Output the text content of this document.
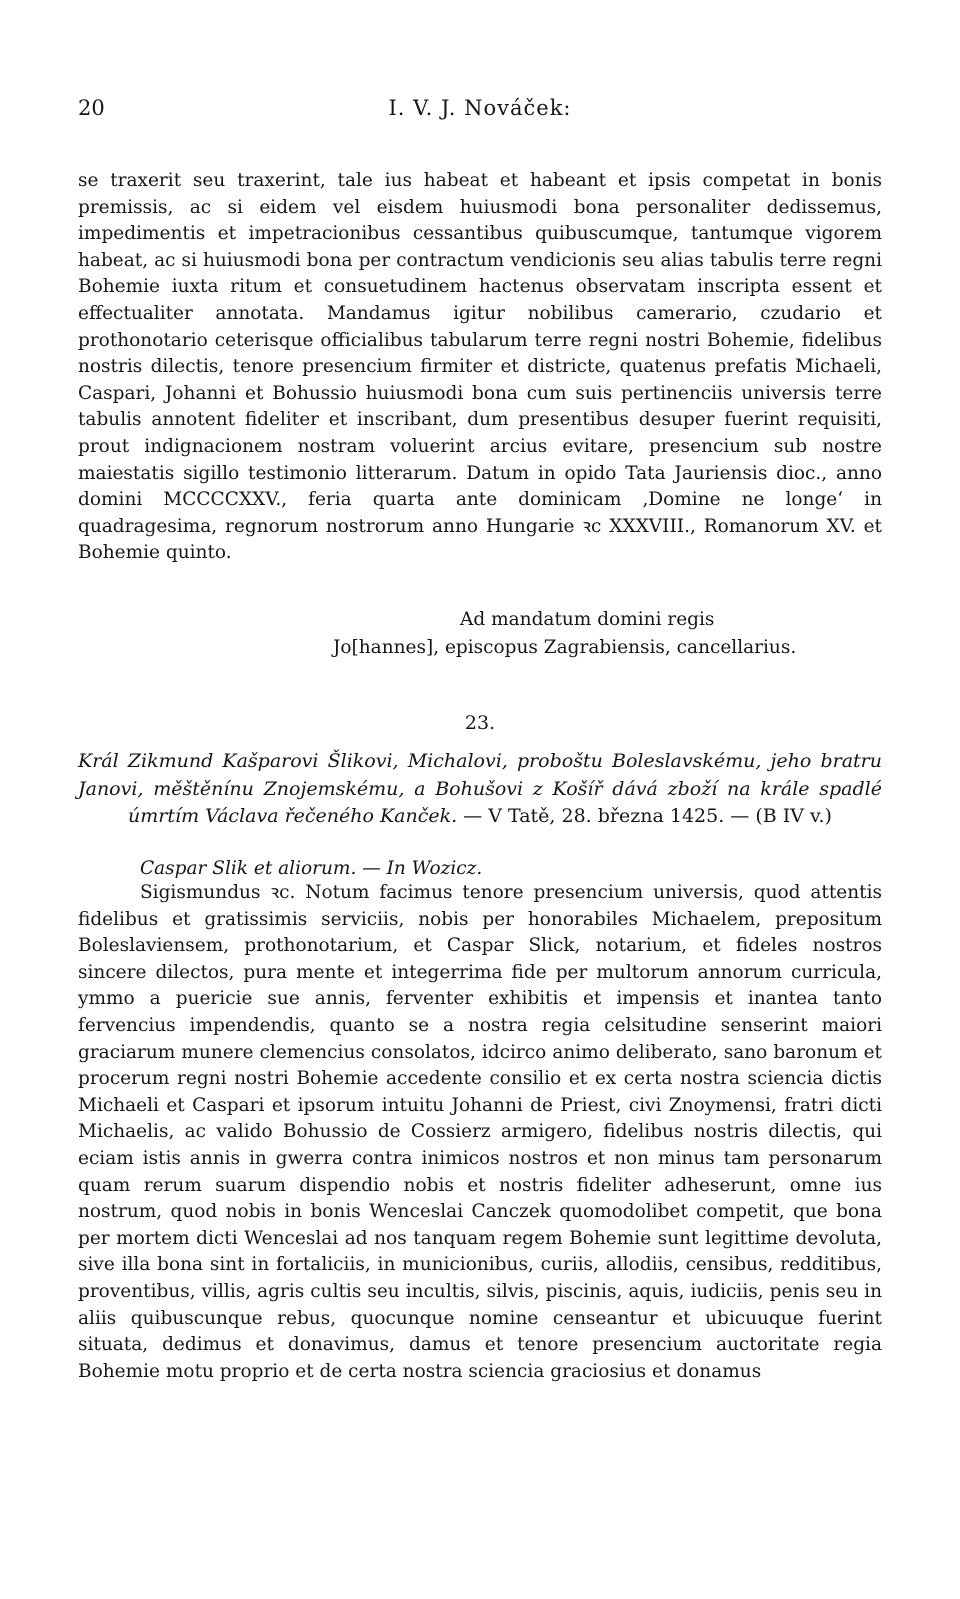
20	I. V. J. Nováček:

se traxerit seu traxerint, tale ius habeat et habeant et ipsis competat in bonis premissis, ac si eidem vel eisdem huiusmodi bona personaliter dedissemus, impedimentis et impetracionibus cessantibus quibuscumque, tantumque vigorem habeat, ac si huiusmodi bona per contractum vendicionis seu alias tabulis terre regni Bohemie iuxta ritum et consuetudinem hactenus observatam inscripta essent et effectualiter annotata. Mandamus igitur nobilibus camerario, czudario et prothonotario ceterisque officialibus tabularum terre regni nostri Bohemie, fidelibus nostris dilectis, tenore presencium firmiter et districte, quatenus prefatis Michaeli, Caspari, Johanni et Bohussio huiusmodi bona cum suis pertinenciis universis terre tabulis annotent fideliter et inscribant, dum presentibus desuper fuerint requisiti, prout indignacionem nostram voluerint arcius evitare, presencium sub nostre maiestatis sigillo testimonio litterarum. Datum in opido Tata Jauriensis dioc., anno domini MCCCCXXV., feria quarta ante dominicam ‚Domine ne longe‘ in quadragesima, regnorum nostrorum anno Hungarie ꝛc XXXVIII., Romanorum XV. et Bohemie quinto.

Ad mandatum domini regis
Jo[hannes], episcopus Zagrabiensis, cancellarius.
23.
Král Zikmund Kašparovi Šlikovi, Michalovi, proboštu Boleslavskému, jeho bratru Janovi, měštěnínu Znojemskému, a Bohušovi z Košíř dává zboží na krále spadlé úmrtím Václava řečeného Kanček. — V Tatě, 28. března 1425. — (B IV v.)
Caspar Slik et aliorum. — In Wozicz.

Sigismundus ꝛc. Notum facimus tenore presencium universis, quod attentis fidelibus et gratissimis serviciis, nobis per honorabiles Michaelem, prepositum Boleslaviensem, prothonotarium, et Caspar Slick, notarium, et fideles nostros sincere dilectos, pura mente et integerrima fide per multorum annorum curricula, ymmo a puericie sue annis, ferventer exhibitis et impensis et inantea tanto fervencius impendendis, quanto se a nostra regia celsitudine senserint maiori graciarum munere clemencius consolatos, idcirco animo deliberato, sano baronum et procerum regni nostri Bohemie accedente consilio et ex certa nostra sciencia dictis Michaeli et Caspari et ipsorum intuitu Johanni de Priest, civi Znoymensi, fratri dicti Michaelis, ac valido Bohussio de Cossierz armigero, fidelibus nostris dilectis, qui eciam istis annis in gwerra contra inimicos nostros et non minus tam personarum quam rerum suarum dispendio nobis et nostris fideliter adheserunt, omne ius nostrum, quod nobis in bonis Wenceslai Canczek quomodolibet competit, que bona per mortem dicti Wenceslai ad nos tanquam regem Bohemie sunt legittime devoluta, sive illa bona sint in fortaliciis, in municionibus, curiis, allodiis, censibus, redditibus, proventibus, villis, agris cultis seu incultis, silvis, piscinis, aquis, iudiciis, penis seu in aliis quibuscunque rebus, quocunque nomine censeantur et ubicuuque fuerint situata, dedimus et donavimus, damus et tenore presencium auctoritate regia Bohemie motu proprio et de certa nostra sciencia graciosius et donamus
